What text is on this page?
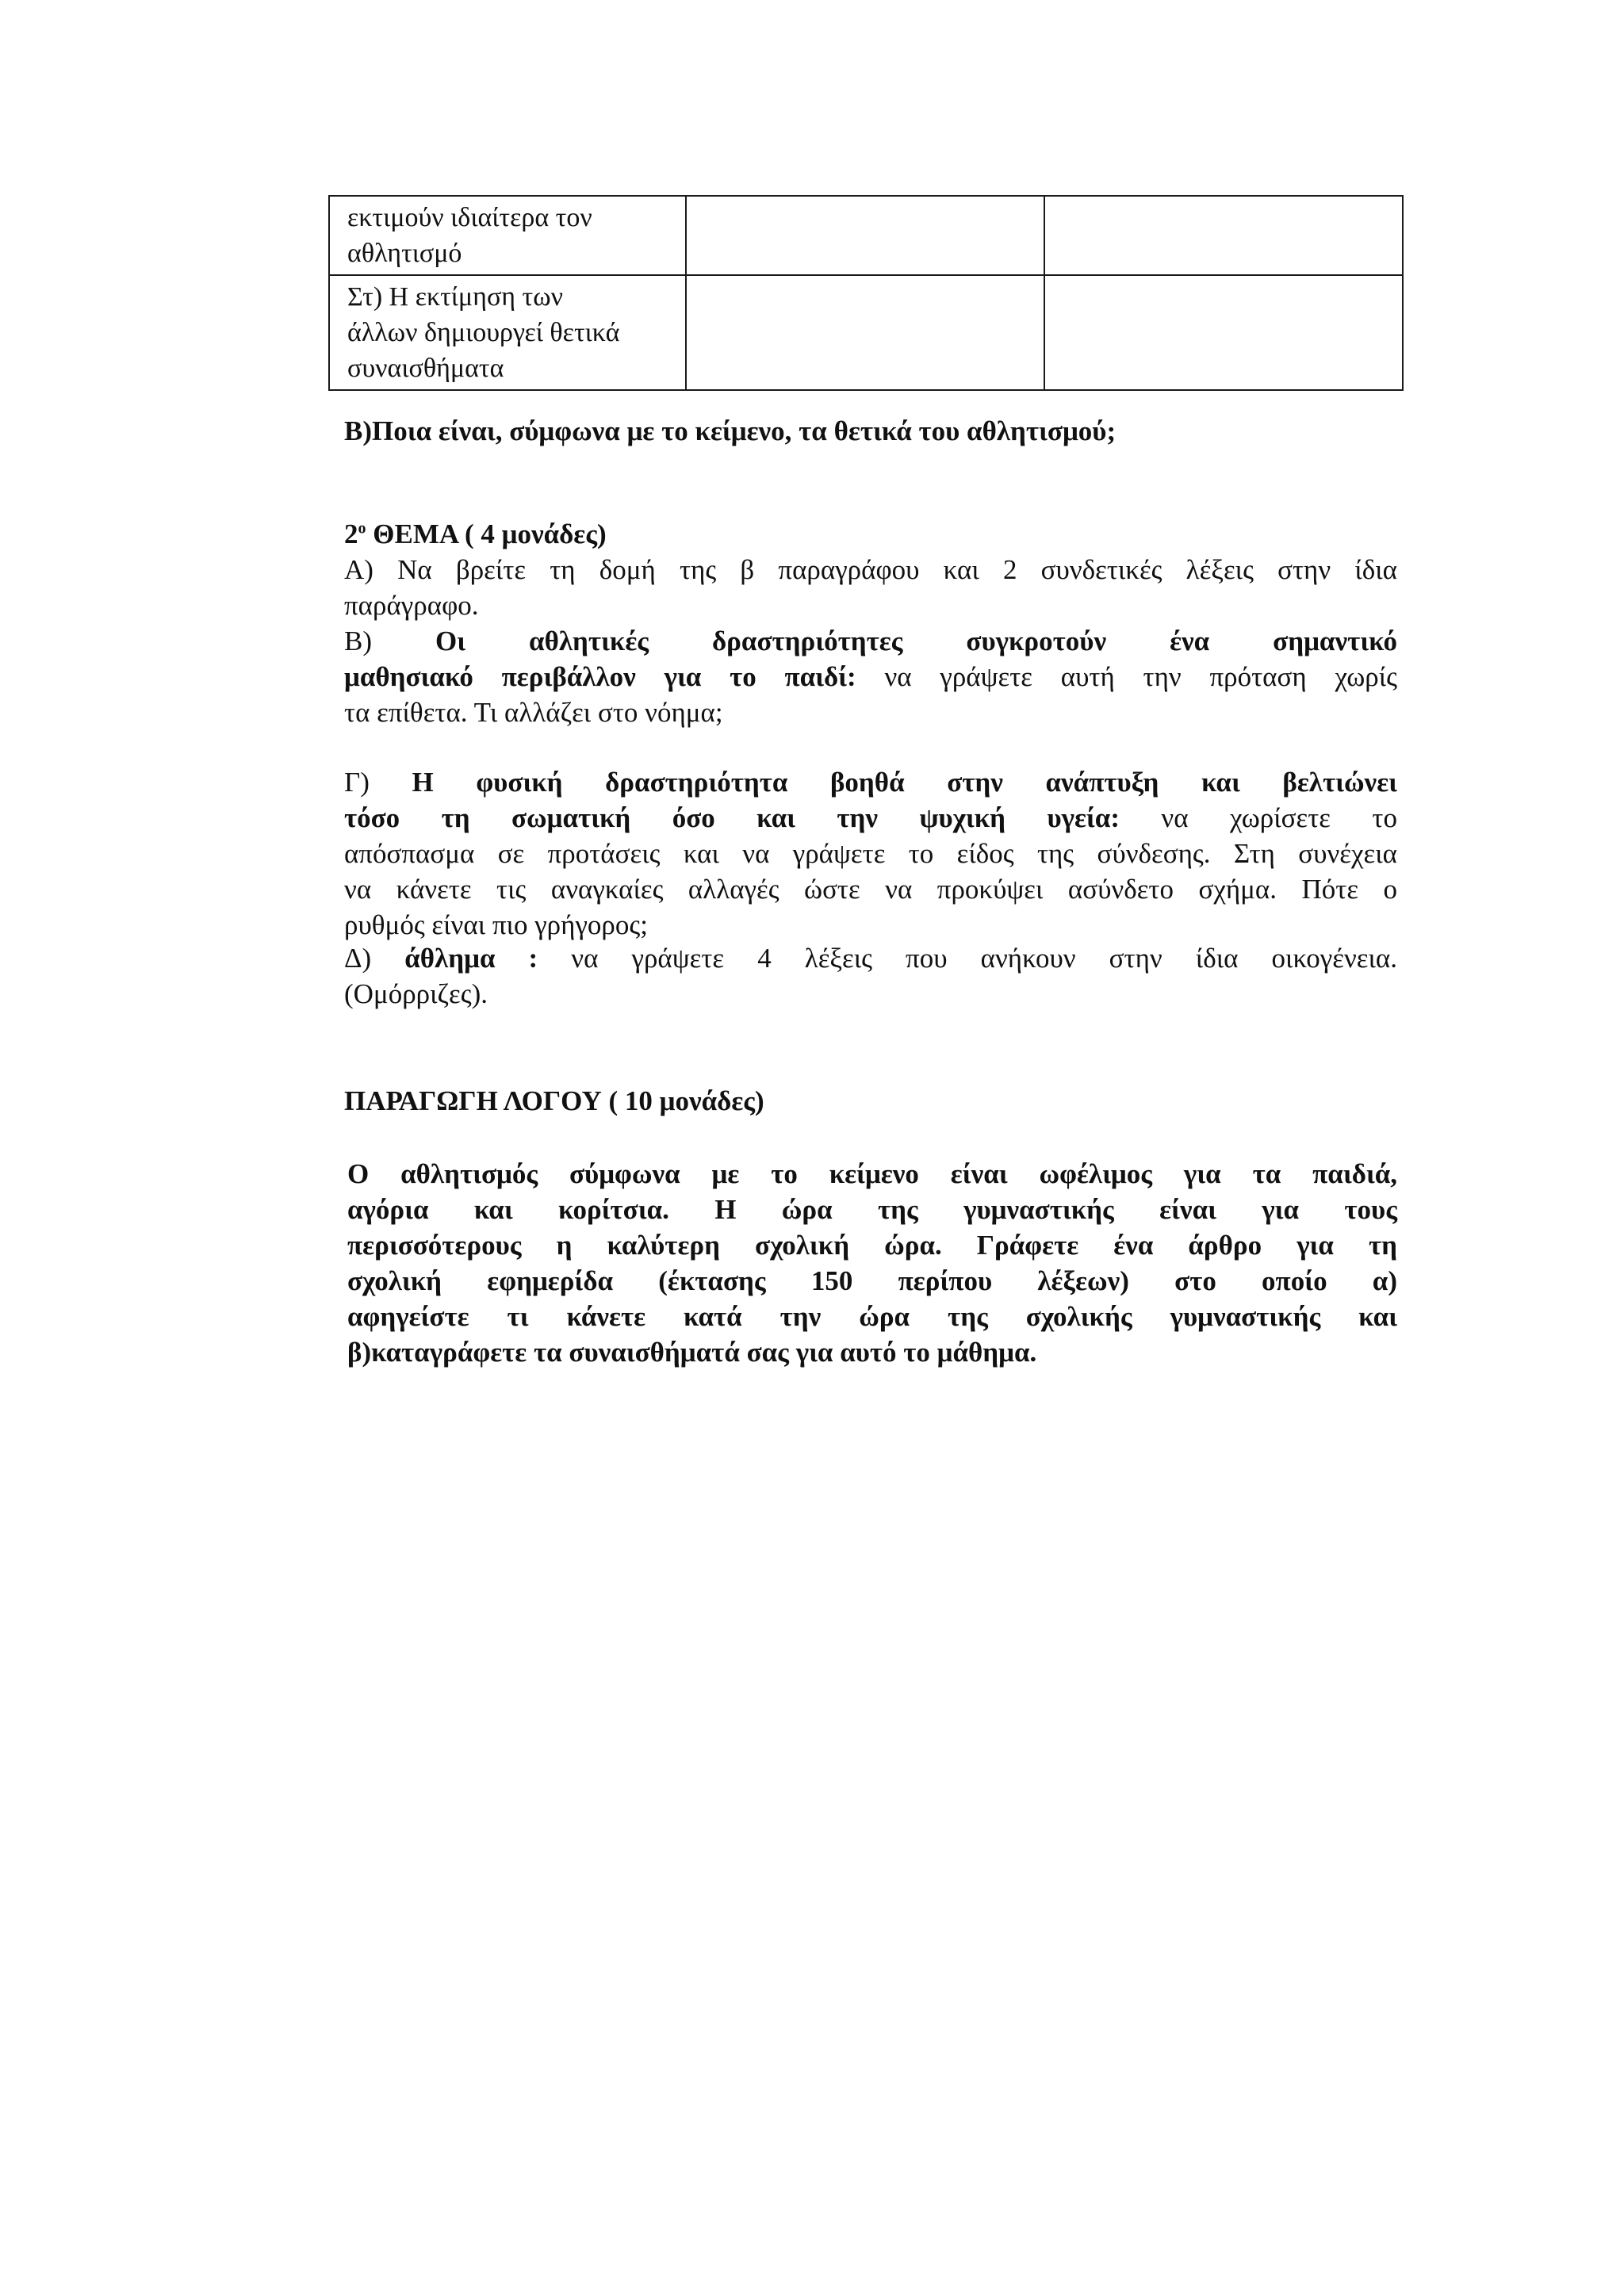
εκτιμούν ιδιαίτερα τον
αθλητισμό		

Στ) Η εκτίμηση των
άλλων δημιουργεί θετικά
συναισθήματα		

Β)Ποια είναι, σύμφωνα με το κείμενο, τα θετικά του αθλητισμού;

$2^o$ ΘΕΜΑ ( 4 μονάδες)

Α) Να βρείτε τη δομή της β παραγράφου και 2 συνδετικές λέξεις στην ίδια
παράγραφο.
Β) Οι αθλητικές δραστηριότητες συγκροτούν ένα σημαντικό
μαθησιακό περιβάλλον για το παιδί: να γράψετε αυτή την πρόταση χωρίς
τα επίθετα. Τι αλλάζει στο νόημα;
Γ) Η φυσική δραστηριότητα βοηθά στην ανάπτυξη και βελτιώνει
τόσο τη σωματική όσο και την ψυχική υγεία: να χωρίσετε το
απόσπασμα σε προτάσεις και να γράψετε το είδος της σύνδεσης. Στη συνέχεια
να κάνετε τις αναγκαίες αλλαγές ώστε να προκύψει ασύνδετο σχήμα. Πότε ο
ρυθμός είναι πιο γρήγορος;
Δ) άθλημα : να γράψετε 4 λέξεις που ανήκουν στην ίδια οικογένεια.
(Ομόρριζες).

ΠΑΡΑΓΩΓΗ ΛΟΓΟΥ ( 10 μονάδες)

Ο αθλητισμός σύμφωνα με το κείμενο είναι ωφέλιμος για τα παιδιά,
αγόρια και κορίτσια. Η ώρα της γυμναστικής είναι για τους
περισσότερους η καλύτερη σχολική ώρα. Γράφετε ένα άρθρο για τη
σχολική εφημερίδα (έκτασης 150 περίπου λέξεων) στο οποίο α)
αφηγείστε τι κάνετε κατά την ώρα της σχολικής γυμναστικής και
β)καταγράφετε τα συναισθήματά σας για αυτό το μάθημα.
